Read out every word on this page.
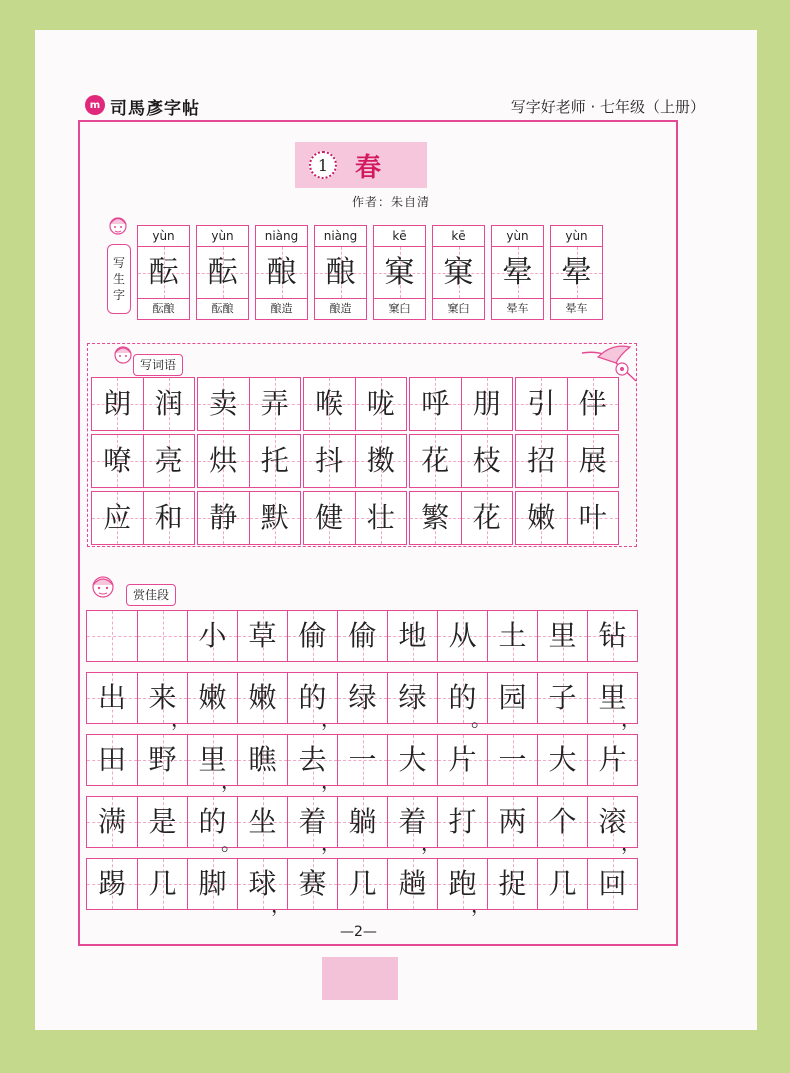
m 司馬彥字帖	写字好老师 · 七年级（上册）
1	春
作者：朱自清
写
生
字
yùn
酝
酝酿
yùn
酝
酝酿
niàng
酿
酿造
niàng
酿
酿造
kē
窠
窠臼
kē
窠
窠臼
yùn
晕
晕车
yùn
晕
晕车
写词语
朗 润 卖 弄 喉 咙 呼 朋 引 伴
嘹 亮 烘 托 抖 擞 花 枝 招 展
应 和 静 默 健 壮 繁 花 嫩 叶
赏佳段
小 草 偷 偷 地 从 土 里 钻
出 来
，
嫩 嫩 的
，
绿 绿 的
。
园 子 里
，
田 野 里
，
瞧 去
，
一 大 片 一 大 片
满 是 的
。
坐 着
，
躺 着
，
打 两 个 滚
，
踢 几 脚 球
，
赛 几 趟 跑
，
捉 几 回
—2—
